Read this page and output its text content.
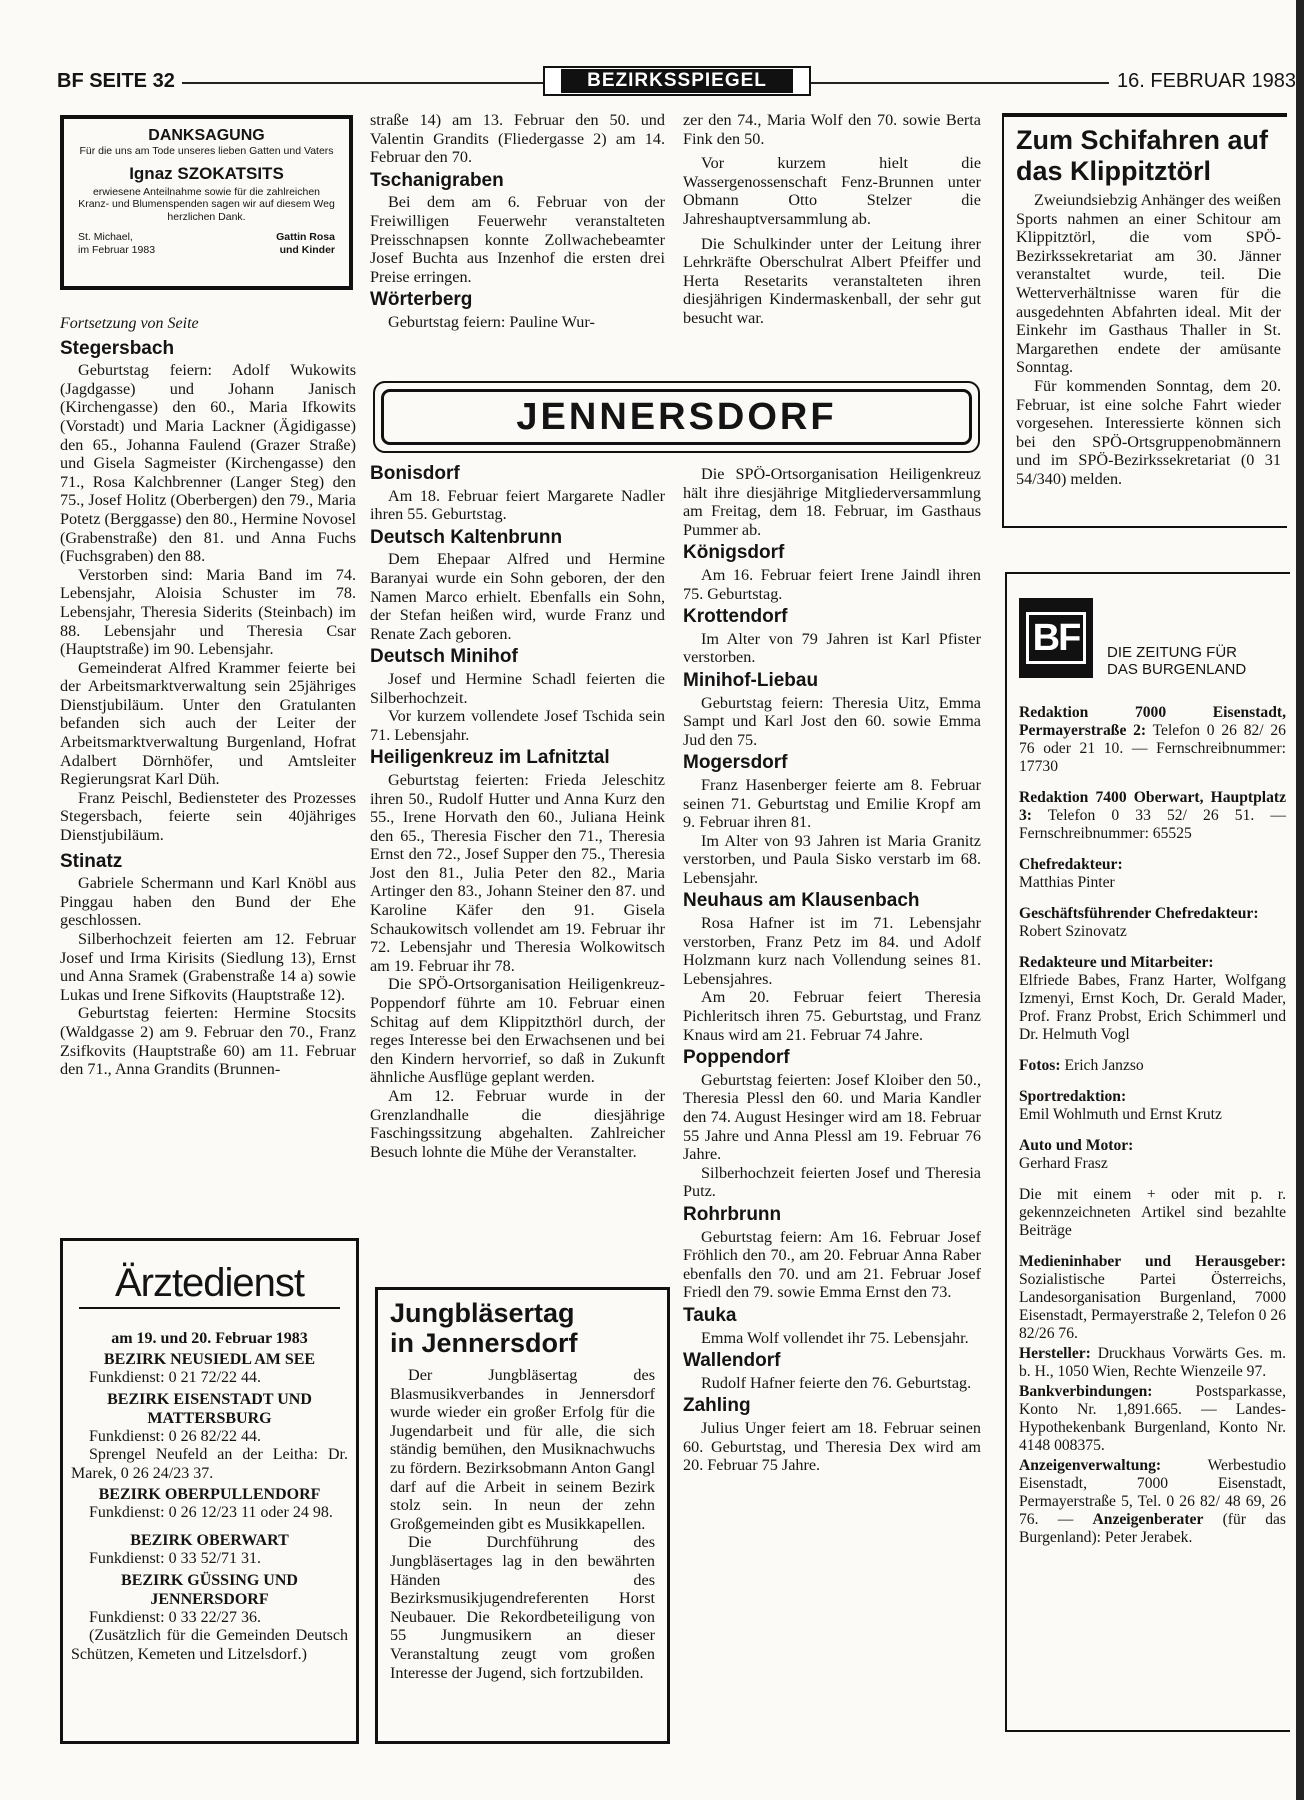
BF SEITE 32	BEZIRKSSPIEGEL	16. FEBRUAR 1983
DANKSAGUNG
Für die uns am Tode unseres lieben Gatten und Vaters
Ignaz SZOKATSITS
erwiesene Anteilnahme sowie für die zahlreichen Kranz- und Blumenspenden sagen wir auf diesem Weg herzlichen Dank.
St. Michael,
im Februar 1983
Gattin Rosa
und Kinder

Fortsetzung von Seite

Stegersbach

Geburtstag feiern: Adolf Wukowits (Jagdgasse) und Johann Janisch (Kirchengasse) den 60., Maria Ifkowits (Vorstadt) und Maria Lackner (Ägidigasse) den 65., Johanna Faulend (Grazer Straße) und Gisela Sagmeister (Kirchengasse) den 71., Rosa Kalchbrenner (Langer Steg) den 75., Josef Holitz (Oberbergen) den 79., Maria Potetz (Berggasse) den 80., Hermine Novosel (Grabenstraße) den 81. und Anna Fuchs (Fuchsgraben) den 88.

Verstorben sind: Maria Band im 74. Lebensjahr, Aloisia Schuster im 78. Lebensjahr, Theresia Siderits (Steinbach) im 88. Lebensjahr und Theresia Csar (Hauptstraße) im 90. Lebensjahr.

Gemeinderat Alfred Krammer feierte bei der Arbeitsmarktverwaltung sein 25jähriges Dienstjubiläum. Unter den Gratulanten befanden sich auch der Leiter der Arbeitsmarktverwaltung Burgenland, Hofrat Adalbert Dörnhöfer, und Amtsleiter Regierungsrat Karl Düh.

Franz Peischl, Bediensteter des Prozesses Stegersbach, feierte sein 40jähriges Dienstjubiläum.

Stinatz

Gabriele Schermann und Karl Knöbl aus Pinggau haben den Bund der Ehe geschlossen.

Silberhochzeit feierten am 12. Februar Josef und Irma Kirisits (Siedlung 13), Ernst und Anna Sramek (Grabenstraße 14 a) sowie Lukas und Irene Sifkovits (Hauptstraße 12).

Geburtstag feierten: Hermine Stocsits (Waldgasse 2) am 9. Februar den 70., Franz Zsifkovits (Hauptstraße 60) am 11. Februar den 71., Anna Grandits (Brunnen-

straße 14) am 13. Februar den 50. und Valentin Grandits (Fliedergasse 2) am 14. Februar den 70.

Tschanigraben

Bei dem am 6. Februar von der Freiwilligen Feuerwehr veranstalteten Preisschnapsen konnte Zollwachebeamter Josef Buchta aus Inzenhof die ersten drei Preise erringen.

Wörterberg

Geburtstag feiern: Pauline Wur-

zer den 74., Maria Wolf den 70. sowie Berta Fink den 50.

Vor kurzem hielt die Wassergenossenschaft Fenz-Brunnen unter Obmann Otto Stelzer die Jahreshauptversammlung ab.

Die Schulkinder unter der Leitung ihrer Lehrkräfte Oberschulrat Albert Pfeiffer und Herta Resetarits veranstalteten ihren diesjährigen Kindermaskenball, der sehr gut besucht war.

JENNERSDORF
Bonisdorf

Am 18. Februar feiert Margarete Nadler ihren 55. Geburtstag.

Deutsch Kaltenbrunn

Dem Ehepaar Alfred und Hermine Baranyai wurde ein Sohn geboren, der den Namen Marco erhielt. Ebenfalls ein Sohn, der Stefan heißen wird, wurde Franz und Renate Zach geboren.

Deutsch Minihof

Josef und Hermine Schadl feierten die Silberhochzeit.

Vor kurzem vollendete Josef Tschida sein 71. Lebensjahr.

Heiligenkreuz im Lafnitztal

Geburtstag feierten: Frieda Jeleschitz ihren 50., Rudolf Hutter und Anna Kurz den 55., Irene Horvath den 60., Juliana Heink den 65., Theresia Fischer den 71., Theresia Ernst den 72., Josef Supper den 75., Theresia Jost den 81., Julia Peter den 82., Maria Artinger den 83., Johann Steiner den 87. und Karoline Käfer den 91. Gisela Schaukowitsch vollendet am 19. Februar ihr 72. Lebensjahr und Theresia Wolkowitsch am 19. Februar ihr 78.

Die SPÖ-Ortsorganisation Heiligenkreuz-Poppendorf führte am 10. Februar einen Schitag auf dem Klippitzthörl durch, der reges Interesse bei den Erwachsenen und bei den Kindern hervorrief, so daß in Zukunft ähnliche Ausflüge geplant werden.

Am 12. Februar wurde in der Grenzlandhalle die diesjährige Faschingssitzung abgehalten. Zahlreicher Besuch lohnte die Mühe der Veranstalter.

Die SPÖ-Ortsorganisation Heiligenkreuz hält ihre diesjährige Mitgliederversammlung am Freitag, dem 18. Februar, im Gasthaus Pummer ab.

Königsdorf

Am 16. Februar feiert Irene Jaindl ihren 75. Geburtstag.

Krottendorf

Im Alter von 79 Jahren ist Karl Pfister verstorben.

Minihof-Liebau

Geburtstag feiern: Theresia Uitz, Emma Sampt und Karl Jost den 60. sowie Emma Jud den 75.

Mogersdorf

Franz Hasenberger feierte am 8. Februar seinen 71. Geburtstag und Emilie Kropf am 9. Februar ihren 81.

Im Alter von 93 Jahren ist Maria Granitz verstorben, und Paula Sisko verstarb im 68. Lebensjahr.

Neuhaus am Klausenbach

Rosa Hafner ist im 71. Lebensjahr verstorben, Franz Petz im 84. und Adolf Holzmann kurz nach Vollendung seines 81. Lebensjahres.

Am 20. Februar feiert Theresia Pichleritsch ihren 75. Geburtstag, und Franz Knaus wird am 21. Februar 74 Jahre.

Poppendorf

Geburtstag feierten: Josef Kloiber den 50., Theresia Plessl den 60. und Maria Kandler den 74. August Hesinger wird am 18. Februar 55 Jahre und Anna Plessl am 19. Februar 76 Jahre.

Silberhochzeit feierten Josef und Theresia Putz.

Rohrbrunn

Geburtstag feiern: Am 16. Februar Josef Fröhlich den 70., am 20. Februar Anna Raber ebenfalls den 70. und am 21. Februar Josef Friedl den 79. sowie Emma Ernst den 73.

Tauka

Emma Wolf vollendet ihr 75. Lebensjahr.

Wallendorf

Rudolf Hafner feierte den 76. Geburtstag.

Zahling

Julius Unger feiert am 18. Februar seinen 60. Geburtstag, und Theresia Dex wird am 20. Februar 75 Jahre.

Ärztedienst
am 19. und 20. Februar 1983
BEZIRK NEUSIEDL AM SEE
Funkdienst: 0 21 72/22 44.
BEZIRK EISENSTADT UND MATTERSBURG
Funkdienst: 0 26 82/22 44.
Sprengel Neufeld an der Leitha: Dr. Marek, 0 26 24/23 37.
BEZIRK OBERPULLENDORF
Funkdienst: 0 26 12/23 11 oder 24 98.
BEZIRK OBERWART
Funkdienst: 0 33 52/71 31.
BEZIRK GÜSSING UND JENNERSDORF
Funkdienst: 0 33 22/27 36.
(Zusätzlich für die Gemeinden Deutsch Schützen, Kemeten und Litzelsdorf.)
Jungbläsertag
in Jennersdorf

Der Jungbläsertag des Blasmusikverbandes in Jennersdorf wurde wieder ein großer Erfolg für die Jugendarbeit und für alle, die sich ständig bemühen, den Musiknachwuchs zu fördern. Bezirksobmann Anton Gangl darf auf die Arbeit in seinem Bezirk stolz sein. In neun der zehn Großgemeinden gibt es Musikkapellen.

Die Durchführung des Jungbläsertages lag in den bewährten Händen des Bezirksmusikjugendreferenten Horst Neubauer. Die Rekordbeteiligung von 55 Jungmusikern an dieser Veranstaltung zeugt vom großen Interesse der Jugend, sich fortzubilden.

Zum Schifahren auf
das Klippitztörl

Zweiundsiebzig Anhänger des weißen Sports nahmen an einer Schitour am Klippitztörl, die vom SPÖ-Bezirkssekretariat am 30. Jänner veranstaltet wurde, teil. Die Wetterverhältnisse waren für die ausgedehnten Abfahrten ideal. Mit der Einkehr im Gasthaus Thaller in St. Margarethen endete der amüsante Sonntag.

Für kommenden Sonntag, dem 20. Februar, ist eine solche Fahrt wieder vorgesehen. Interessierte können sich bei den SPÖ-Ortsgruppenobmännern und im SPÖ-Bezirkssekretariat (0 31 54/340) melden.

BF	DIE ZEITUNG FÜR
DAS BURGENLAND

Redaktion 7000 Eisenstadt, Permayerstraße 2: Telefon 0 26 82/ 26 76 oder 21 10. — Fernschreibnummer: 17730

Redaktion 7400 Oberwart, Hauptplatz 3: Telefon 0 33 52/ 26 51. — Fernschreibnummer: 65525

Chefredakteur:
Matthias Pinter

Geschäftsführender Chefredakteur:
Robert Szinovatz

Redakteure und Mitarbeiter:
Elfriede Babes, Franz Harter, Wolfgang Izmenyi, Ernst Koch, Dr. Gerald Mader, Prof. Franz Probst, Erich Schimmerl und Dr. Helmuth Vogl

Fotos: Erich Janzso

Sportredaktion:
Emil Wohlmuth und Ernst Krutz

Auto und Motor:
Gerhard Frasz

Die mit einem + oder mit p. r. gekennzeichneten Artikel sind bezahlte Beiträge

Medieninhaber und Herausgeber: Sozialistische Partei Österreichs, Landesorganisation Burgenland, 7000 Eisenstadt, Permayerstraße 2, Telefon 0 26 82/26 76.

Hersteller: Druckhaus Vorwärts Ges. m. b. H., 1050 Wien, Rechte Wienzeile 97.

Bankverbindungen:	Postsparkasse, Konto Nr. 1,891.665. — Landes-Hypothekenbank Burgenland, Konto Nr. 4148 008375.

Anzeigenverwaltung:	Werbestudio Eisenstadt, 7000 Eisenstadt, Permayerstraße 5, Tel. 0 26 82/ 48 69, 26 76. — Anzeigenberater (für das Burgenland): Peter Jerabek.
